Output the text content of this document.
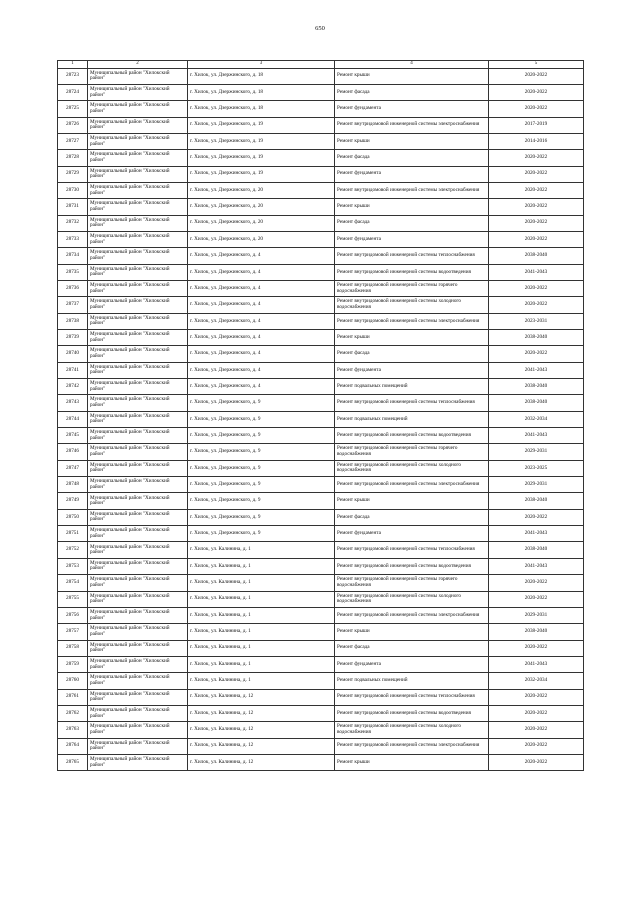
650
1	2	3	4	5
28723	Муниципальный район "Хилокский район"	г. Хилок, ул. Дзержинского, д. 18	Ремонт крыши	2020-2022
28724	Муниципальный район "Хилокский район"	г. Хилок, ул. Дзержинского, д. 18	Ремонт фасада	2020-2022
28725	Муниципальный район "Хилокский район"	г. Хилок, ул. Дзержинского, д. 18	Ремонт фундамента	2020-2022
28726	Муниципальный район "Хилокский район"	г. Хилок, ул. Дзержинского, д. 19	Ремонт внутридомовой инженерной системы электроснабжения	2017-2019
28727	Муниципальный район "Хилокский район"	г. Хилок, ул. Дзержинского, д. 19	Ремонт крыши	2014-2016
28728	Муниципальный район "Хилокский район"	г. Хилок, ул. Дзержинского, д. 19	Ремонт фасада	2020-2022
28729	Муниципальный район "Хилокский район"	г. Хилок, ул. Дзержинского, д. 19	Ремонт фундамента	2020-2022
28730	Муниципальный район "Хилокский район"	г. Хилок, ул. Дзержинского, д. 20	Ремонт внутридомовой инженерной системы электроснабжения	2020-2022
28731	Муниципальный район "Хилокский район"	г. Хилок, ул. Дзержинского, д. 20	Ремонт крыши	2020-2022
28732	Муниципальный район "Хилокский район"	г. Хилок, ул. Дзержинского, д. 20	Ремонт фасада	2020-2022
28733	Муниципальный район "Хилокский район"	г. Хилок, ул. Дзержинского, д. 20	Ремонт фундамента	2020-2022
28734	Муниципальный район "Хилокский район"	г. Хилок, ул. Дзержинского, д. 4	Ремонт внутридомовой инженерной системы теплоснабжения	2038-2040
28735	Муниципальный район "Хилокский район"	г. Хилок, ул. Дзержинского, д. 4	Ремонт внутридомовой инженерной системы водоотведения	2041-2043
28736	Муниципальный район "Хилокский район"	г. Хилок, ул. Дзержинского, д. 4	Ремонт внутридомовой инженерной системы горячего водоснабжения	2020-2022
28737	Муниципальный район "Хилокский район"	г. Хилок, ул. Дзержинского, д. 4	Ремонт внутридомовой инженерной системы холодного водоснабжения	2020-2022
28738	Муниципальный район "Хилокский район"	г. Хилок, ул. Дзержинского, д. 4	Ремонт внутридомовой инженерной системы электроснабжения	2023-2031
28739	Муниципальный район "Хилокский район"	г. Хилок, ул. Дзержинского, д. 4	Ремонт крыши	2038-2040
28740	Муниципальный район "Хилокский район"	г. Хилок, ул. Дзержинского, д. 4	Ремонт фасада	2020-2022
28741	Муниципальный район "Хилокский район"	г. Хилок, ул. Дзержинского, д. 4	Ремонт фундамента	2041-2043
28742	Муниципальный район "Хилокский район"	г. Хилок, ул. Дзержинского, д. 4	Ремонт подвальных помещений	2038-2040
28743	Муниципальный район "Хилокский район"	г. Хилок, ул. Дзержинского, д. 9	Ремонт внутридомовой инженерной системы теплоснабжения	2038-2040
28744	Муниципальный район "Хилокский район"	г. Хилок, ул. Дзержинского, д. 9	Ремонт подвальных помещений	2032-2034
28745	Муниципальный район "Хилокский район"	г. Хилок, ул. Дзержинского, д. 9	Ремонт внутридомовой инженерной системы водоотведения	2041-2043
28746	Муниципальный район "Хилокский район"	г. Хилок, ул. Дзержинского, д. 9	Ремонт внутридомовой инженерной системы горячего водоснабжения	2029-2031
28747	Муниципальный район "Хилокский район"	г. Хилок, ул. Дзержинского, д. 9	Ремонт внутридомовой инженерной системы холодного водоснабжения	2023-2025
28748	Муниципальный район "Хилокский район"	г. Хилок, ул. Дзержинского, д. 9	Ремонт внутридомовой инженерной системы электроснабжения	2029-2031
28749	Муниципальный район "Хилокский район"	г. Хилок, ул. Дзержинского, д. 9	Ремонт крыши	2038-2040
28750	Муниципальный район "Хилокский район"	г. Хилок, ул. Дзержинского, д. 9	Ремонт фасада	2020-2022
28751	Муниципальный район "Хилокский район"	г. Хилок, ул. Дзержинского, д. 9	Ремонт фундамента	2041-2043
28752	Муниципальный район "Хилокский район"	г. Хилок, ул. Калинина, д. 1	Ремонт внутридомовой инженерной системы теплоснабжения	2038-2040
28753	Муниципальный район "Хилокский район"	г. Хилок, ул. Калинина, д. 1	Ремонт внутридомовой инженерной системы водоотведения	2041-2043
28754	Муниципальный район "Хилокский район"	г. Хилок, ул. Калинина, д. 1	Ремонт внутридомовой инженерной системы горячего водоснабжения	2020-2022
28755	Муниципальный район "Хилокский район"	г. Хилок, ул. Калинина, д. 1	Ремонт внутридомовой инженерной системы холодного водоснабжения	2020-2022
28756	Муниципальный район "Хилокский район"	г. Хилок, ул. Калинина, д. 1	Ремонт внутридомовой инженерной системы электроснабжения	2029-2031
28757	Муниципальный район "Хилокский район"	г. Хилок, ул. Калинина, д. 1	Ремонт крыши	2038-2040
28758	Муниципальный район "Хилокский район"	г. Хилок, ул. Калинина, д. 1	Ремонт фасада	2020-2022
28759	Муниципальный район "Хилокский район"	г. Хилок, ул. Калинина, д. 1	Ремонт фундамента	2041-2043
28760	Муниципальный район "Хилокский район"	г. Хилок, ул. Калинина, д. 1	Ремонт подвальных помещений	2032-2034
28761	Муниципальный район "Хилокский район"	г. Хилок, ул. Калинина, д. 12	Ремонт внутридомовой инженерной системы теплоснабжения	2020-2022
28762	Муниципальный район "Хилокский район"	г. Хилок, ул. Калинина, д. 12	Ремонт внутридомовой инженерной системы водоотведения	2020-2022
28763	Муниципальный район "Хилокский район"	г. Хилок, ул. Калинина, д. 12	Ремонт внутридомовой инженерной системы холодного водоснабжения	2020-2022
28764	Муниципальный район "Хилокский район"	г. Хилок, ул. Калинина, д. 12	Ремонт внутридомовой инженерной системы электроснабжения	2020-2022
28765	Муниципальный район "Хилокский район"	г. Хилок, ул. Калинина, д. 12	Ремонт крыши	2020-2022
